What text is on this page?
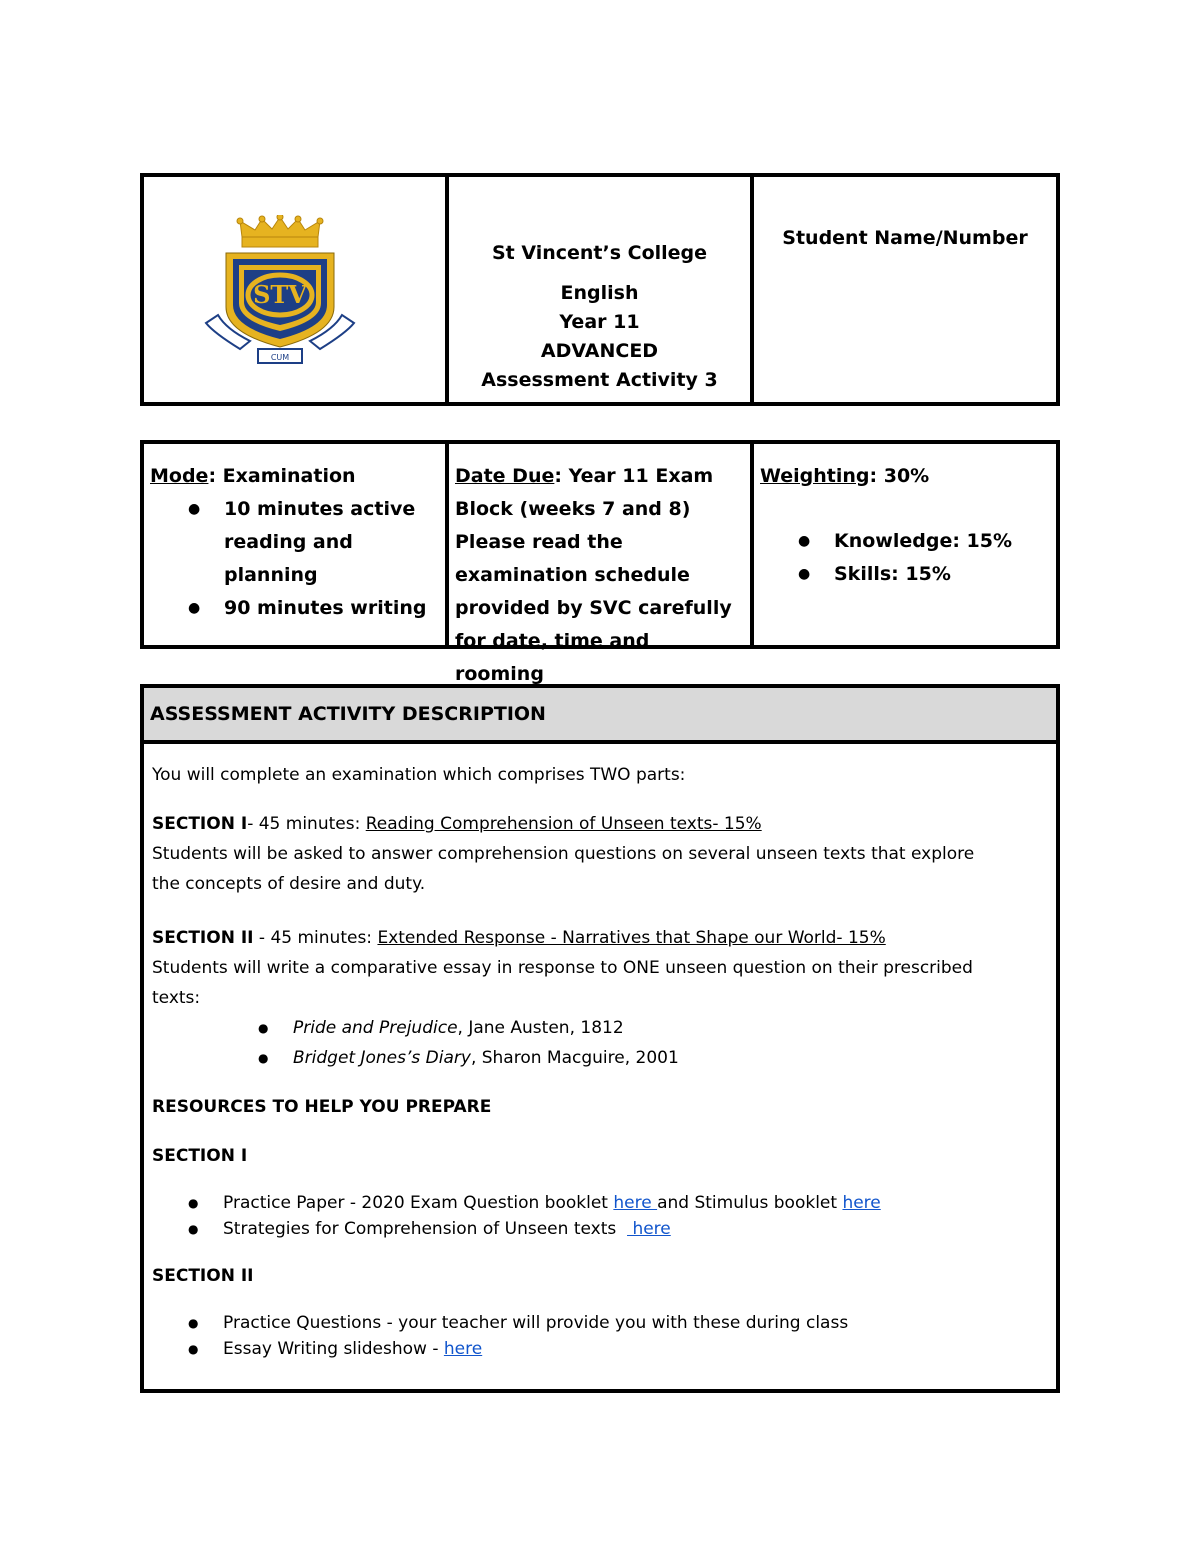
STV
CUM
St Vincent’s College
English
Year 11
ADVANCED
Assessment Activity 3
Student Name/Number
Mode: Examination
● 10 minutes active reading and planning
● 90 minutes writing
Date Due: Year 11 Exam Block (weeks 7 and 8) Please read the examination schedule provided by SVC carefully for date, time and rooming
Weighting: 30%
● Knowledge: 15%
● Skills: 15%
ASSESSMENT ACTIVITY DESCRIPTION

You will complete an examination which comprises TWO parts:

SECTION I- 45 minutes: Reading Comprehension of Unseen texts- 15%

Students will be asked to answer comprehension questions on several unseen texts that explore the concepts of desire and duty.

SECTION II - 45 minutes: Extended Response - Narratives that Shape our World- 15%

Students will write a comparative essay in response to ONE unseen question on their prescribed texts:

● Pride and Prejudice, Jane Austen, 1812
● Bridget Jones’s Diary, Sharon Macguire, 2001

RESOURCES TO HELP YOU PREPARE

SECTION I

● Practice Paper - 2020 Exam Question booklet here and Stimulus booklet here
● Strategies for Comprehension of Unseen texts   here

SECTION II

● Practice Questions - your teacher will provide you with these during class
● Essay Writing slideshow - here
